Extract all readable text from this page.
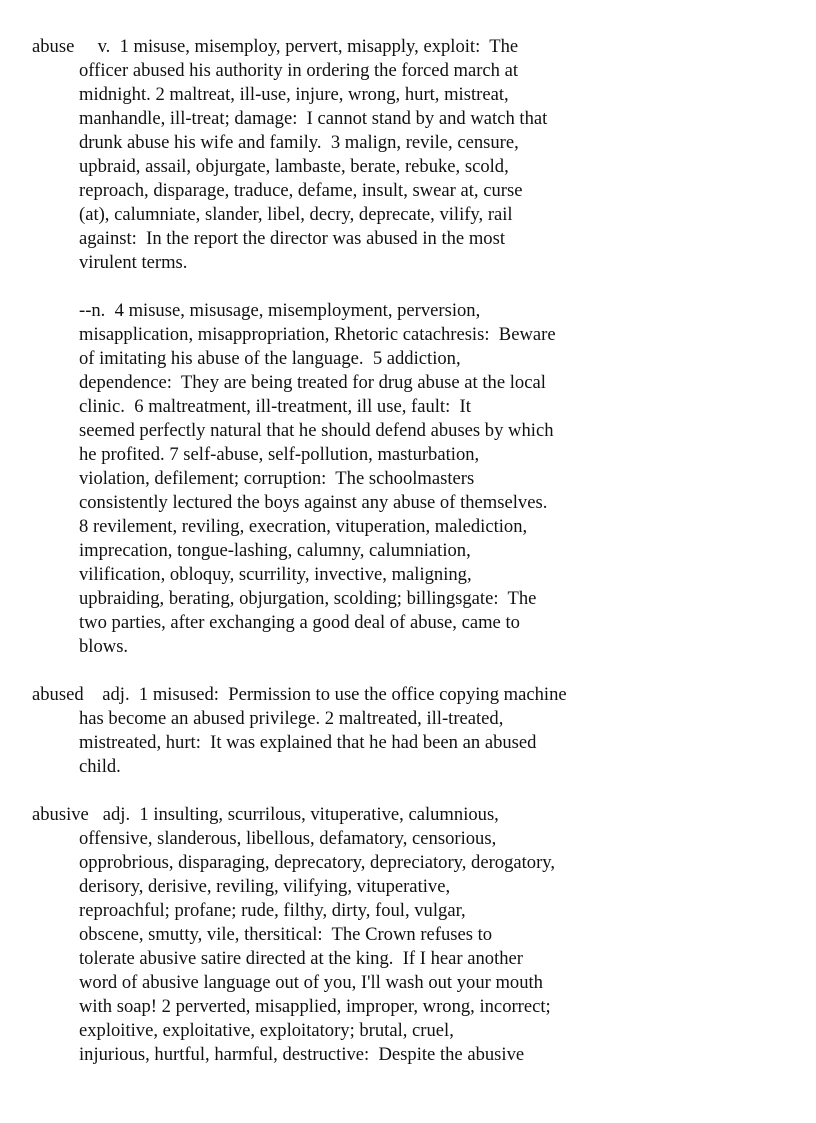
abuse     v.  1 misuse, misemploy, pervert, misapply, exploit:  The
officer abused his authority in ordering the forced march at
midnight. 2 maltreat, ill-use, injure, wrong, hurt, mistreat,
manhandle, ill-treat; damage:  I cannot stand by and watch that
drunk abuse his wife and family.  3 malign, revile, censure,
upbraid, assail, objurgate, lambaste, berate, rebuke, scold,
reproach, disparage, traduce, defame, insult, swear at, curse
(at), calumniate, slander, libel, decry, deprecate, vilify, rail
against:  In the report the director was abused in the most
virulent terms.
--n.  4 misuse, misusage, misemployment, perversion,
misapplication, misappropriation, Rhetoric catachresis:  Beware
of imitating his abuse of the language.  5 addiction,
dependence:  They are being treated for drug abuse at the local
clinic.  6 maltreatment, ill-treatment, ill use, fault:  It
seemed perfectly natural that he should defend abuses by which
he profited. 7 self-abuse, self-pollution, masturbation,
violation, defilement; corruption:  The schoolmasters
consistently lectured the boys against any abuse of themselves.
8 revilement, reviling, execration, vituperation, malediction,
imprecation, tongue-lashing, calumny, calumniation,
vilification, obloquy, scurrility, invective, maligning,
upbraiding, berating, objurgation, scolding; billingsgate:  The
two parties, after exchanging a good deal of abuse, came to
blows.
abused    adj.  1 misused:  Permission to use the office copying machine
has become an abused privilege. 2 maltreated, ill-treated,
mistreated, hurt:  It was explained that he had been an abused
child.
abusive   adj.  1 insulting, scurrilous, vituperative, calumnious,
offensive, slanderous, libellous, defamatory, censorious,
opprobrious, disparaging, deprecatory, depreciatory, derogatory,
derisory, derisive, reviling, vilifying, vituperative,
reproachful; profane; rude, filthy, dirty, foul, vulgar,
obscene, smutty, vile, thersitical:  The Crown refuses to
tolerate abusive satire directed at the king.  If I hear another
word of abusive language out of you, I'll wash out your mouth
with soap! 2 perverted, misapplied, improper, wrong, incorrect;
exploitive, exploitative, exploitatory; brutal, cruel,
injurious, hurtful, harmful, destructive:  Despite the abusive
